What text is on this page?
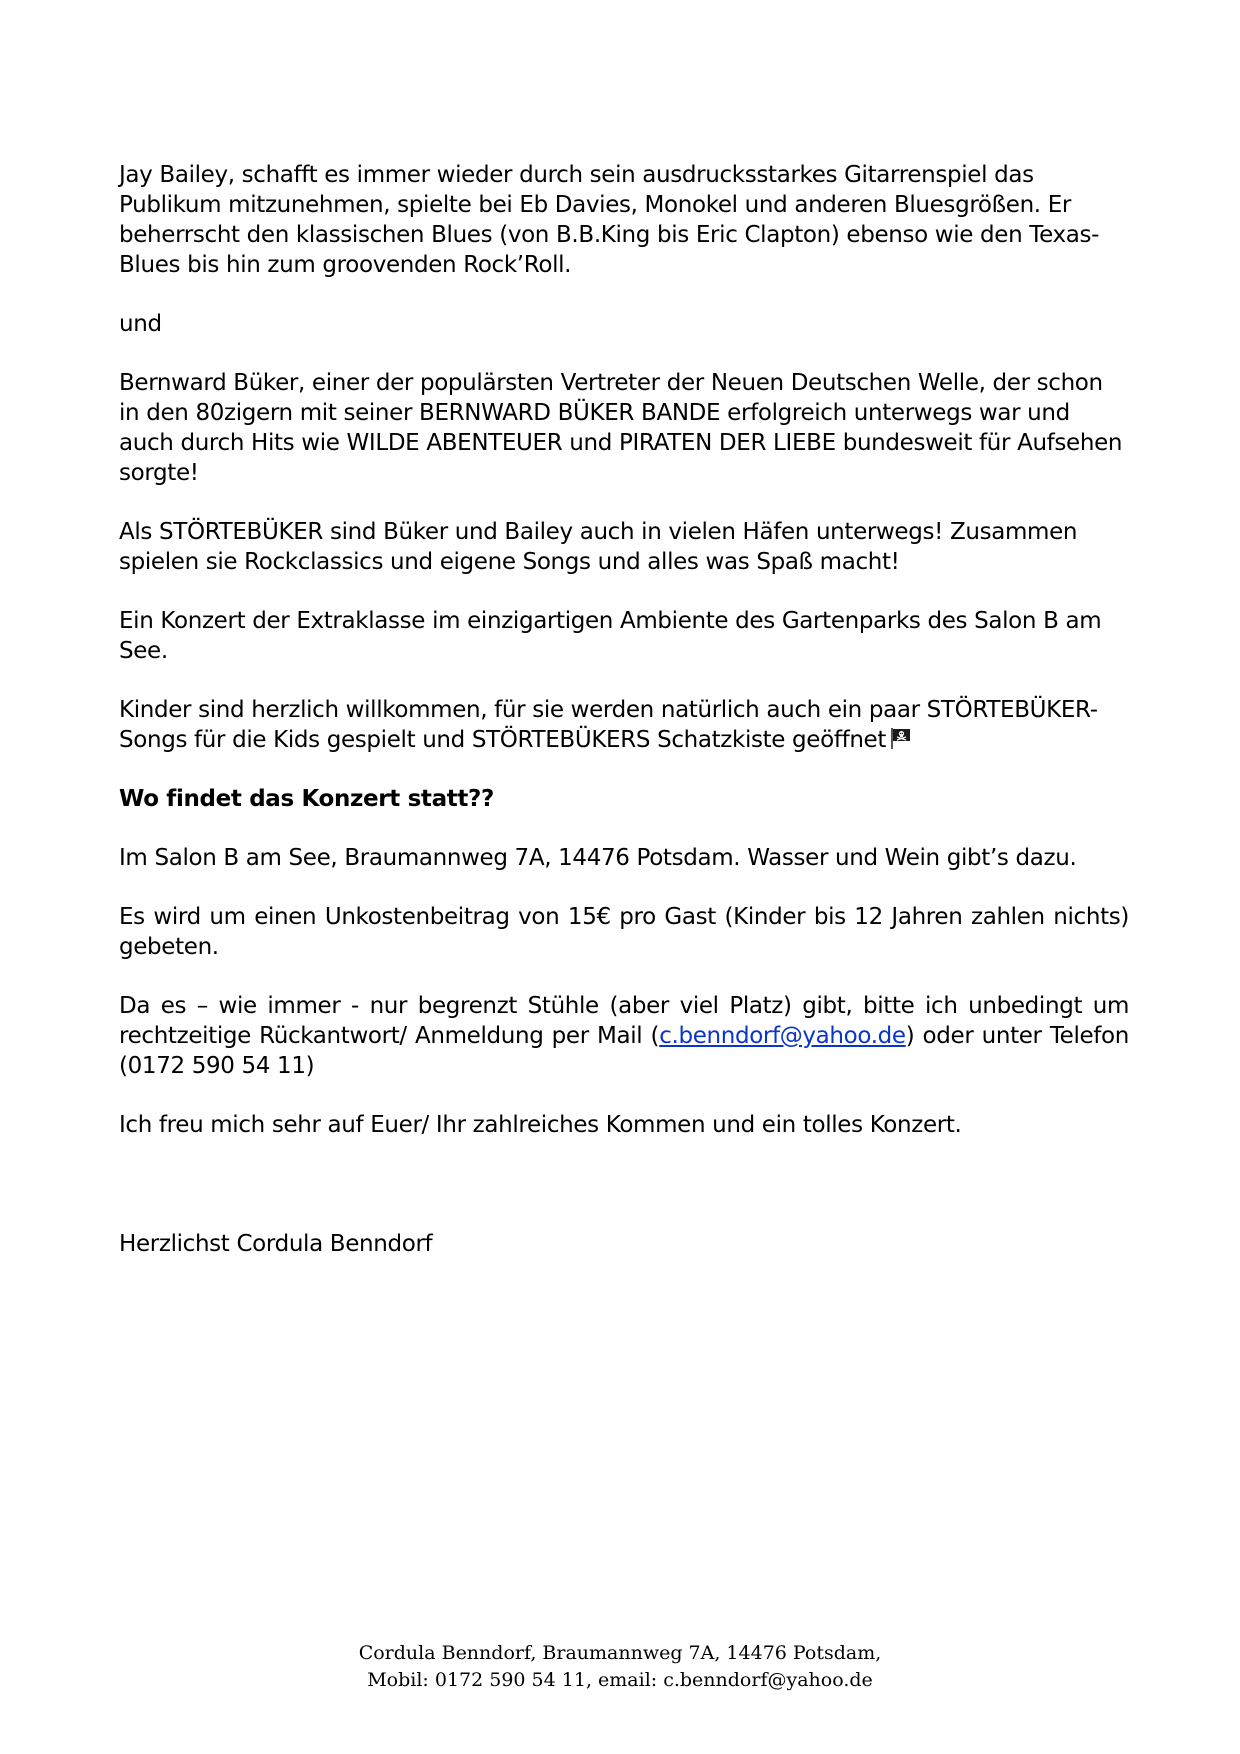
Jay Bailey, schafft es immer wieder durch sein ausdrucksstarkes Gitarrenspiel das Publikum mitzunehmen, spielte bei Eb Davies, Monokel und anderen Bluesgrößen. Er beherrscht den klassischen Blues (von B.B.King bis Eric Clapton) ebenso wie den Texas-Blues bis hin zum groovenden Rock’Roll.

und

Bernward Büker, einer der populärsten Vertreter der Neuen Deutschen Welle, der schon in den 80zigern mit seiner BERNWARD BÜKER BANDE erfolgreich unterwegs war und auch durch Hits wie WILDE ABENTEUER und PIRATEN DER LIEBE bundesweit für Aufsehen sorgte!

Als STÖRTEBÜKER sind Büker und Bailey auch in vielen Häfen unterwegs! Zusammen spielen sie Rockclassics und eigene Songs und alles was Spaß macht!

Ein Konzert der Extraklasse im einzigartigen Ambiente des Gartenparks des Salon B am See.

Kinder sind herzlich willkommen, für sie werden natürlich auch ein paar STÖRTEBÜKER-Songs für die Kids gespielt und STÖRTEBÜKERS Schatzkiste geöffnet

Wo findet das Konzert statt??

Im Salon B am See, Braumannweg 7A, 14476 Potsdam. Wasser und Wein gibt’s dazu.

Es wird um einen Unkostenbeitrag von 15€ pro Gast (Kinder bis 12 Jahren zahlen nichts) gebeten.

Da es – wie immer - nur begrenzt Stühle (aber viel Platz) gibt, bitte ich unbedingt um rechtzeitige Rückantwort/ Anmeldung per Mail (c.benndorf@yahoo.de) oder unter Telefon (0172 590 54 11)

Ich freu mich sehr auf Euer/ Ihr zahlreiches Kommen und ein tolles Konzert.

Herzlichst Cordula Benndorf

Cordula Benndorf, Braumannweg 7A, 14476 Potsdam,
Mobil: 0172 590 54 11, email: c.benndorf@yahoo.de
